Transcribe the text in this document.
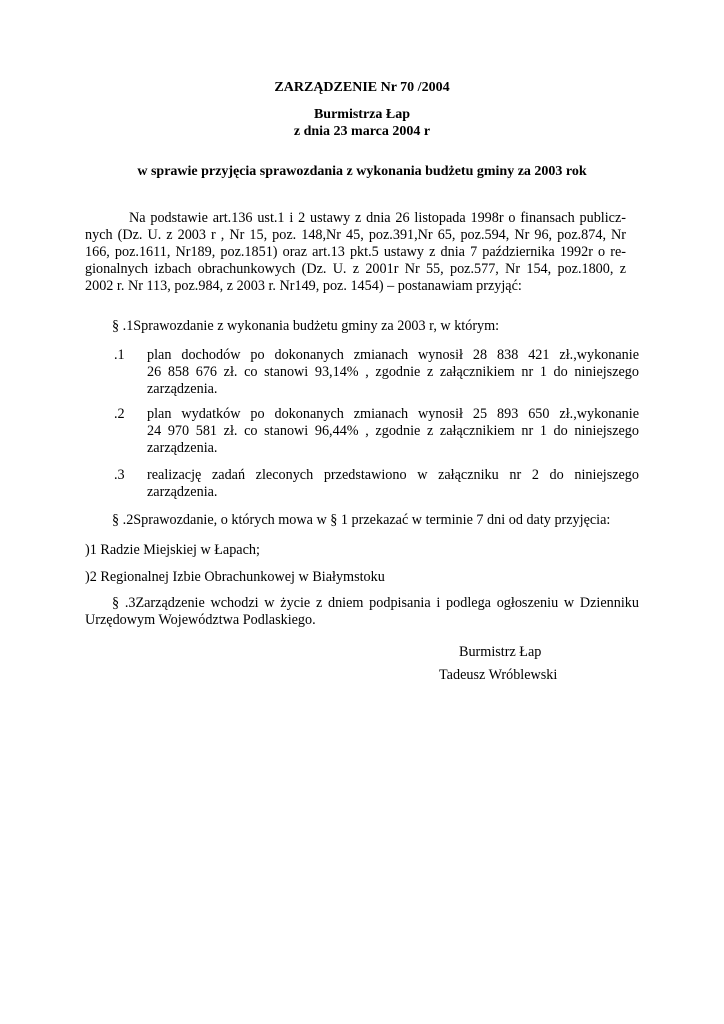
ZARZĄDZENIE Nr 70 /2004
Burmistrza Łap
z dnia 23 marca 2004 r
w sprawie przyjęcia sprawozdania z wykonania budżetu gminy za 2003 rok
Na podstawie art.136 ust.1 i 2 ustawy z dnia 26 listopada 1998r o finansach publicz-
nych (Dz. U. z 2003 r , Nr 15, poz. 148,Nr 45, poz.391,Nr 65, poz.594, Nr 96, poz.874, Nr
166, poz.1611, Nr189, poz.1851) oraz art.13 pkt.5 ustawy z dnia 7 października 1992r o re-
gionalnych izbach obrachunkowych (Dz. U. z 2001r Nr 55, poz.577, Nr 154, poz.1800, z
2002 r. Nr 113, poz.984, z 2003 r. Nr149, poz. 1454) – postanawiam przyjąć:
§ .1Sprawozdanie z wykonania budżetu gminy za 2003 r, w którym:
.1 plan dochodów po dokonanych zmianach wynosił 28 838 421 zł.,wykonanie
26 858 676 zł. co stanowi 93,14% , zgodnie z załącznikiem nr 1 do niniejszego
zarządzenia.
.2 plan wydatków po dokonanych zmianach wynosił 25 893 650 zł.,wykonanie
24 970 581 zł. co stanowi 96,44% , zgodnie z załącznikiem nr 1 do niniejszego
zarządzenia.
.3 realizację zadań zleconych przedstawiono w załączniku nr 2 do niniejszego
zarządzenia.
§ .2Sprawozdanie, o których mowa w § 1 przekazać w terminie 7 dni od daty przyjęcia:
)1 Radzie Miejskiej w Łapach;
)2 Regionalnej Izbie Obrachunkowej w Białymstoku
§ .3Zarządzenie wchodzi w życie z dniem podpisania i podlega ogłoszeniu w Dzienniku
Urzędowym Województwa Podlaskiego.
Burmistrz Łap
Tadeusz Wróblewski
